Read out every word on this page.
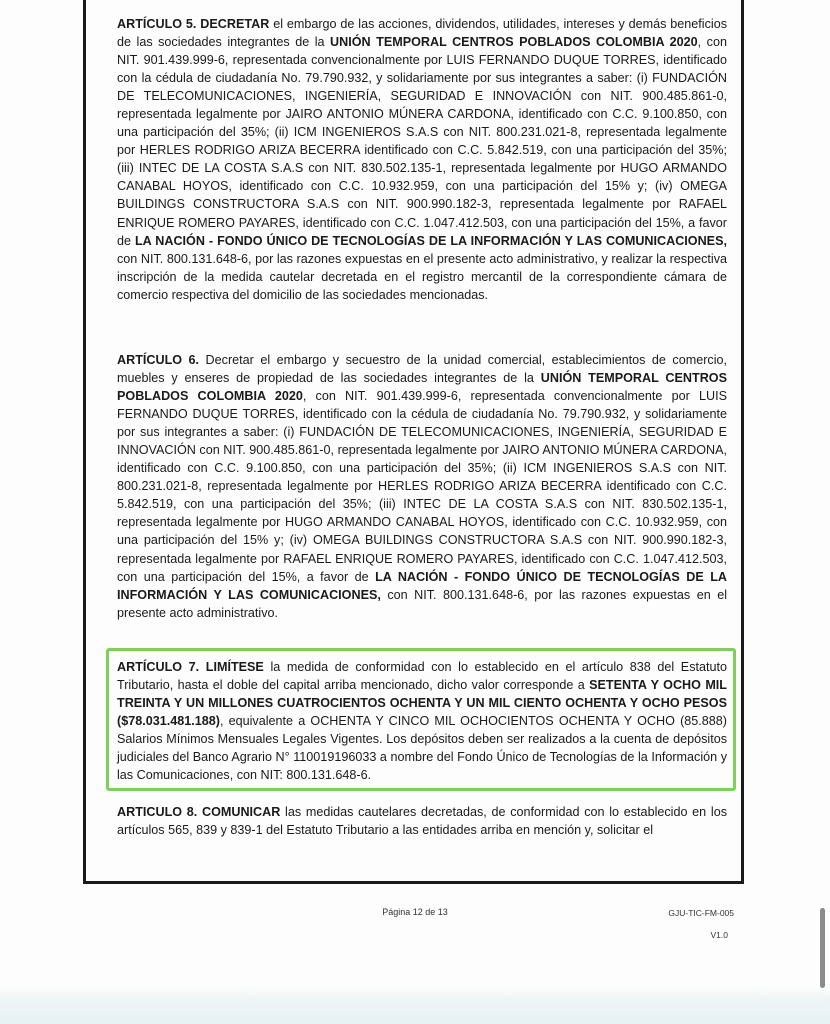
ARTÍCULO 5. DECRETAR el embargo de las acciones, dividendos, utilidades, intereses y demás beneficios de las sociedades integrantes de la UNIÓN TEMPORAL CENTROS POBLADOS COLOMBIA 2020, con NIT. 901.439.999-6, representada convencionalmente por LUIS FERNANDO DUQUE TORRES, identificado con la cédula de ciudadanía No. 79.790.932, y solidariamente por sus integrantes a saber: (i) FUNDACIÓN DE TELECOMUNICACIONES, INGENIERÍA, SEGURIDAD E INNOVACIÓN con NIT. 900.485.861-0, representada legalmente por JAIRO ANTONIO MÚNERA CARDONA, identificado con C.C. 9.100.850, con una participación del 35%; (ii) ICM INGENIEROS S.A.S con NIT. 800.231.021-8, representada legalmente por HERLES RODRIGO ARIZA BECERRA identificado con C.C. 5.842.519, con una participación del 35%; (iii) INTEC DE LA COSTA S.A.S con NIT. 830.502.135-1, representada legalmente por HUGO ARMANDO CANABAL HOYOS, identificado con C.C. 10.932.959, con una participación del 15% y; (iv) OMEGA BUILDINGS CONSTRUCTORA S.A.S con NIT. 900.990.182-3, representada legalmente por RAFAEL ENRIQUE ROMERO PAYARES, identificado con C.C. 1.047.412.503, con una participación del 15%, a favor de LA NACIÓN - FONDO ÚNICO DE TECNOLOGÍAS DE LA INFORMACIÓN Y LAS COMUNICACIONES, con NIT. 800.131.648-6, por las razones expuestas en el presente acto administrativo, y realizar la respectiva inscripción de la medida cautelar decretada en el registro mercantil de la correspondiente cámara de comercio respectiva del domicilio de las sociedades mencionadas.

ARTÍCULO 6. Decretar el embargo y secuestro de la unidad comercial, establecimientos de comercio, muebles y enseres de propiedad de las sociedades integrantes de la UNIÓN TEMPORAL CENTROS POBLADOS COLOMBIA 2020, con NIT. 901.439.999-6, representada convencionalmente por LUIS FERNANDO DUQUE TORRES, identificado con la cédula de ciudadanía No. 79.790.932, y solidariamente por sus integrantes a saber: (i) FUNDACIÓN DE TELECOMUNICACIONES, INGENIERÍA, SEGURIDAD E INNOVACIÓN con NIT. 900.485.861-0, representada legalmente por JAIRO ANTONIO MÚNERA CARDONA, identificado con C.C. 9.100.850, con una participación del 35%; (ii) ICM INGENIEROS S.A.S con NIT. 800.231.021-8, representada legalmente por HERLES RODRIGO ARIZA BECERRA identificado con C.C. 5.842.519, con una participación del 35%; (iii) INTEC DE LA COSTA S.A.S con NIT. 830.502.135-1, representada legalmente por HUGO ARMANDO CANABAL HOYOS, identificado con C.C. 10.932.959, con una participación del 15% y; (iv) OMEGA BUILDINGS CONSTRUCTORA S.A.S con NIT. 900.990.182-3, representada legalmente por RAFAEL ENRIQUE ROMERO PAYARES, identificado con C.C. 1.047.412.503, con una participación del 15%, a favor de LA NACIÓN - FONDO ÚNICO DE TECNOLOGÍAS DE LA INFORMACIÓN Y LAS COMUNICACIONES, con NIT. 800.131.648-6, por las razones expuestas en el presente acto administrativo.

ARTÍCULO 7. LIMÍTESE la medida de conformidad con lo establecido en el artículo 838 del Estatuto Tributario, hasta el doble del capital arriba mencionado, dicho valor corresponde a SETENTA Y OCHO MIL TREINTA Y UN MILLONES CUATROCIENTOS OCHENTA Y UN MIL CIENTO OCHENTA Y OCHO PESOS ($78.031.481.188), equivalente a OCHENTA Y CINCO MIL OCHOCIENTOS OCHENTA Y OCHO (85.888) Salarios Mínimos Mensuales Legales Vigentes. Los depósitos deben ser realizados a la cuenta de depósitos judiciales del Banco Agrario N° 110019196033 a nombre del Fondo Único de Tecnologías de la Información y las Comunicaciones, con NIT: 800.131.648-6.

ARTICULO 8. COMUNICAR las medidas cautelares decretadas, de conformidad con lo establecido en los artículos 565, 839 y 839-1 del Estatuto Tributario a las entidades arriba en mención y, solicitar el

Página 12 de 13	GJU-TIC-FM-005
V1.0
